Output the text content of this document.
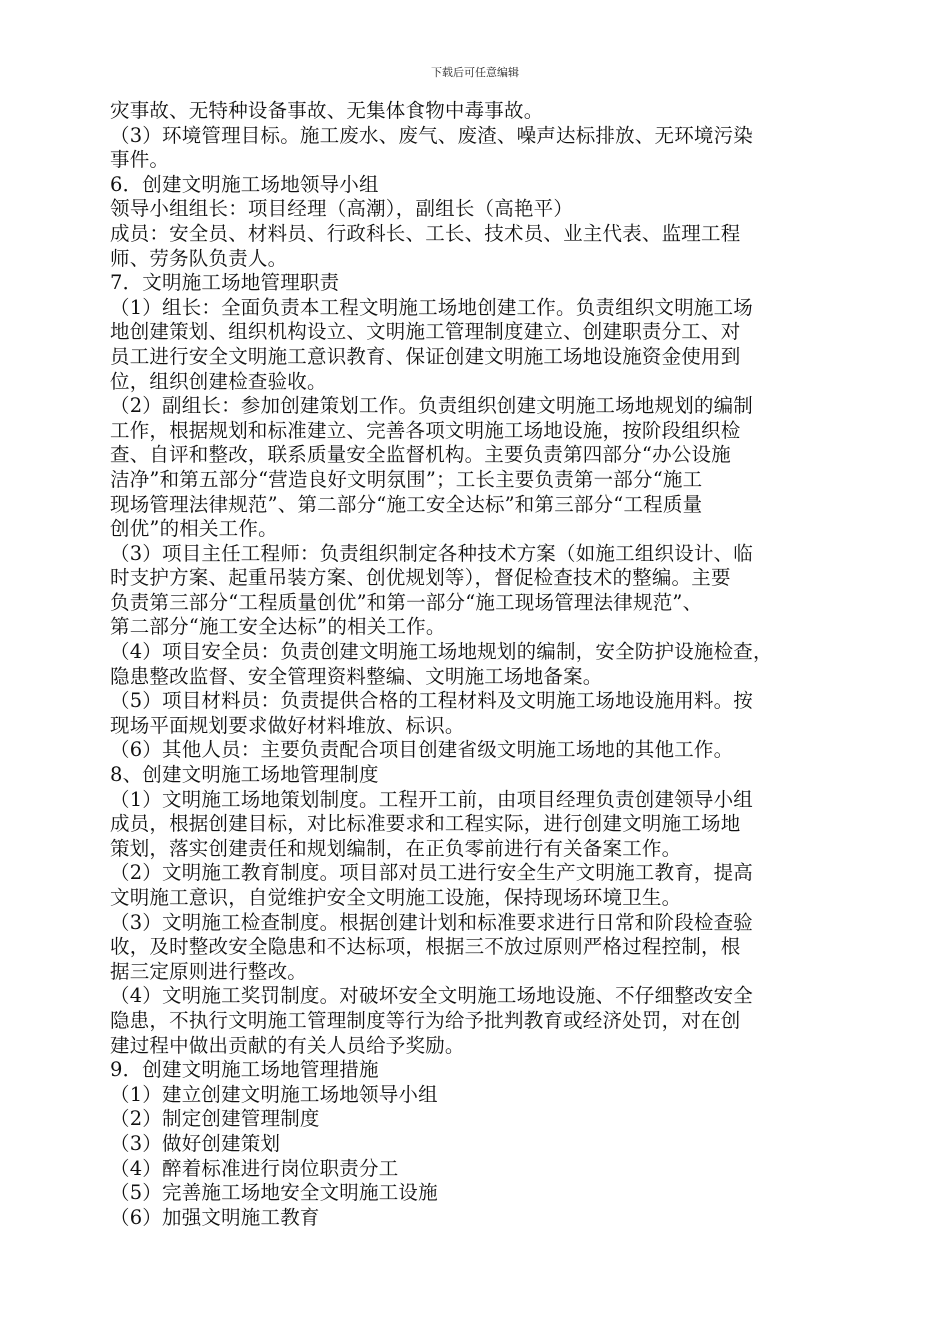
下载后可任意编辑
灾事故、无特种设备事故、无集体食物中毒事故。
（3）环境管理目标。施工废水、废气、废渣、噪声达标排放、无环境污染
事件。
6．创建文明施工场地领导小组
领导小组组长：项目经理（高潮），副组长（高艳平）
成员：安全员、材料员、行政科长、工长、技术员、业主代表、监理工程
师、劳务队负责人。
7．文明施工场地管理职责
（1）组长：全面负责本工程文明施工场地创建工作。负责组织文明施工场
地创建策划、组织机构设立、文明施工管理制度建立、创建职责分工、对
员工进行安全文明施工意识教育、保证创建文明施工场地设施资金使用到
位，组织创建检查验收。
（2）副组长：参加创建策划工作。负责组织创建文明施工场地规划的编制
工作，根据规划和标准建立、完善各项文明施工场地设施，按阶段组织检
查、自评和整改，联系质量安全监督机构。主要负责第四部分“办公设施
洁净”和第五部分“营造良好文明氛围”；工长主要负责第一部分“施工
现场管理法律规范”、第二部分“施工安全达标”和第三部分“工程质量
创优”的相关工作。
（3）项目主任工程师：负责组织制定各种技术方案（如施工组织设计、临
时支护方案、起重吊装方案、创优规划等），督促检查技术的整编。主要
负责第三部分“工程质量创优”和第一部分“施工现场管理法律规范”、
第二部分“施工安全达标”的相关工作。
（4）项目安全员：负责创建文明施工场地规划的编制，安全防护设施检查，
隐患整改监督、安全管理资料整编、文明施工场地备案。
（5）项目材料员：负责提供合格的工程材料及文明施工场地设施用料。按
现场平面规划要求做好材料堆放、标识。
（6）其他人员：主要负责配合项目创建省级文明施工场地的其他工作。
8、创建文明施工场地管理制度
（1）文明施工场地策划制度。工程开工前，由项目经理负责创建领导小组
成员，根据创建目标，对比标准要求和工程实际，进行创建文明施工场地
策划，落实创建责任和规划编制，在正负零前进行有关备案工作。
（2）文明施工教育制度。项目部对员工进行安全生产文明施工教育，提高
文明施工意识，自觉维护安全文明施工设施，保持现场环境卫生。
（3）文明施工检查制度。根据创建计划和标准要求进行日常和阶段检查验
收，及时整改安全隐患和不达标项，根据三不放过原则严格过程控制，根
据三定原则进行整改。
（4）文明施工奖罚制度。对破坏安全文明施工场地设施、不仔细整改安全
隐患，不执行文明施工管理制度等行为给予批判教育或经济处罚，对在创
建过程中做出贡献的有关人员给予奖励。
9．创建文明施工场地管理措施
（1）建立创建文明施工场地领导小组
（2）制定创建管理制度
（3）做好创建策划
（4）醉着标准进行岗位职责分工
（5）完善施工场地安全文明施工设施
（6）加强文明施工教育
